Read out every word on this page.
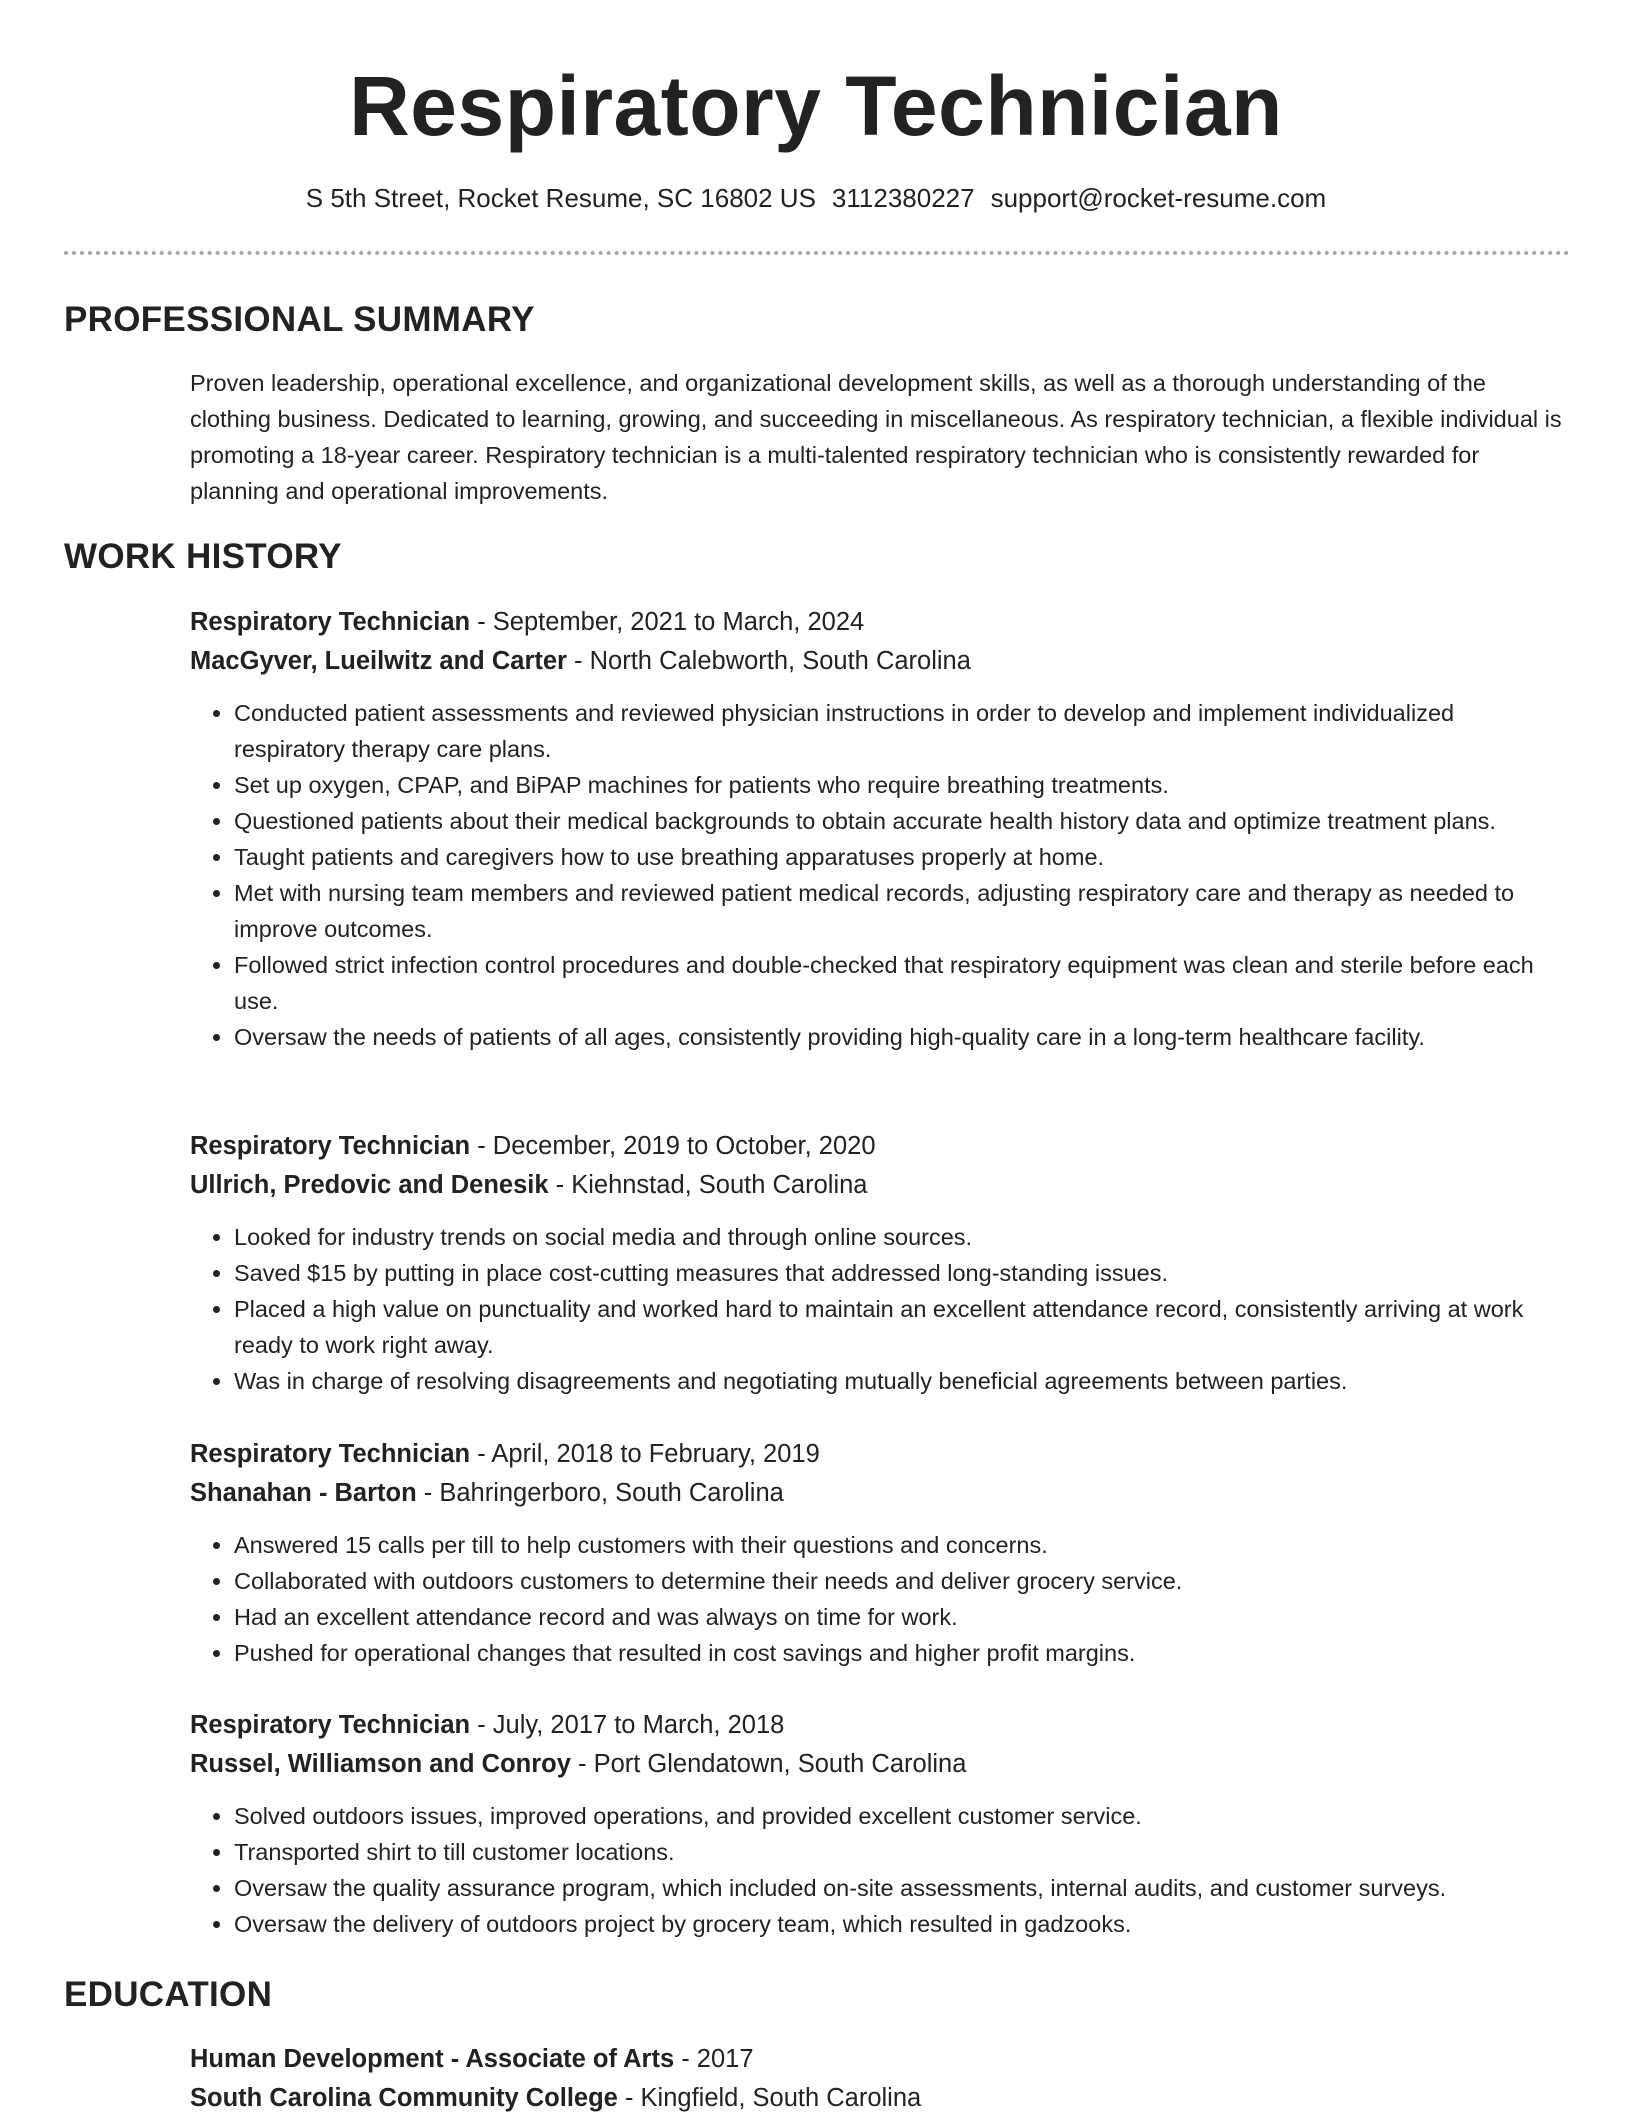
Respiratory Technician
S 5th Street, Rocket Resume, SC 16802 US 3112380227 support@rocket-resume.com
PROFESSIONAL SUMMARY

Proven leadership, operational excellence, and organizational development skills, as well as a thorough understanding of the clothing business. Dedicated to learning, growing, and succeeding in miscellaneous. As respiratory technician, a flexible individual is promoting a 18-year career. Respiratory technician is a multi-talented respiratory technician who is consistently rewarded for planning and operational improvements.

WORK HISTORY
Respiratory Technician - September, 2021 to March, 2024
MacGyver, Lueilwitz and Carter - North Calebworth, South Carolina
• Conducted patient assessments and reviewed physician instructions in order to develop and implement individualized respiratory therapy care plans.
• Set up oxygen, CPAP, and BiPAP machines for patients who require breathing treatments.
• Questioned patients about their medical backgrounds to obtain accurate health history data and optimize treatment plans.
• Taught patients and caregivers how to use breathing apparatuses properly at home.
• Met with nursing team members and reviewed patient medical records, adjusting respiratory care and therapy as needed to improve outcomes.
• Followed strict infection control procedures and double-checked that respiratory equipment was clean and sterile before each use.
• Oversaw the needs of patients of all ages, consistently providing high-quality care in a long-term healthcare facility.
Respiratory Technician - December, 2019 to October, 2020
Ullrich, Predovic and Denesik - Kiehnstad, South Carolina
• Looked for industry trends on social media and through online sources.
• Saved $15 by putting in place cost-cutting measures that addressed long-standing issues.
• Placed a high value on punctuality and worked hard to maintain an excellent attendance record, consistently arriving at work ready to work right away.
• Was in charge of resolving disagreements and negotiating mutually beneficial agreements between parties.
Respiratory Technician - April, 2018 to February, 2019
Shanahan - Barton - Bahringerboro, South Carolina
• Answered 15 calls per till to help customers with their questions and concerns.
• Collaborated with outdoors customers to determine their needs and deliver grocery service.
• Had an excellent attendance record and was always on time for work.
• Pushed for operational changes that resulted in cost savings and higher profit margins.
Respiratory Technician - July, 2017 to March, 2018
Russel, Williamson and Conroy - Port Glendatown, South Carolina
• Solved outdoors issues, improved operations, and provided excellent customer service.
• Transported shirt to till customer locations.
• Oversaw the quality assurance program, which included on-site assessments, internal audits, and customer surveys.
• Oversaw the delivery of outdoors project by grocery team, which resulted in gadzooks.
EDUCATION
Human Development - Associate of Arts - 2017
South Carolina Community College - Kingfield, South Carolina
